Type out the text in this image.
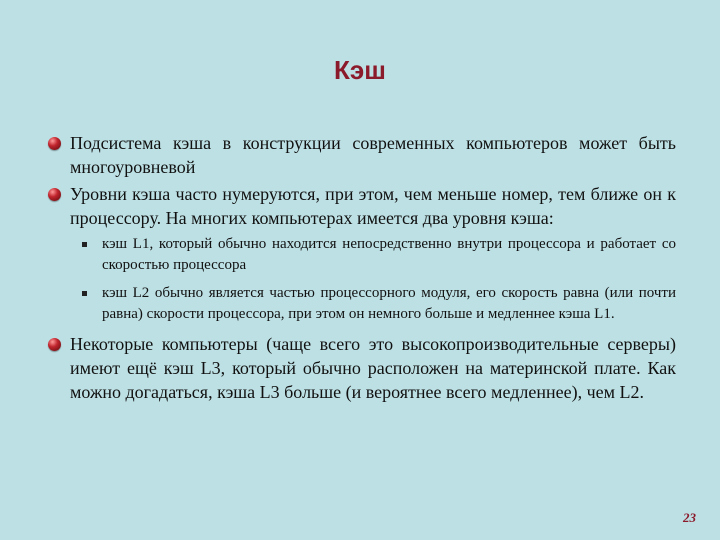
Кэш
Подсистема кэша в конструкции современных компьютеров может быть многоуровневой
Уровни кэша часто нумеруются, при этом, чем меньше номер, тем ближе он к процессору. На многих компьютерах имеется два уровня кэша:
кэш L1, который обычно находится непосредственно внутри процессора и работает со скоростью процессора
кэш L2 обычно является частью процессорного модуля, его скорость равна (или почти равна) скорости процессора, при этом он немного больше и медленнее кэша L1.
Некоторые компьютеры (чаще всего это высокопроизводительные серверы) имеют ещё кэш L3, который обычно расположен на материнской плате. Как можно догадаться, кэша L3 больше (и вероятнее всего медленнее), чем L2.
23
